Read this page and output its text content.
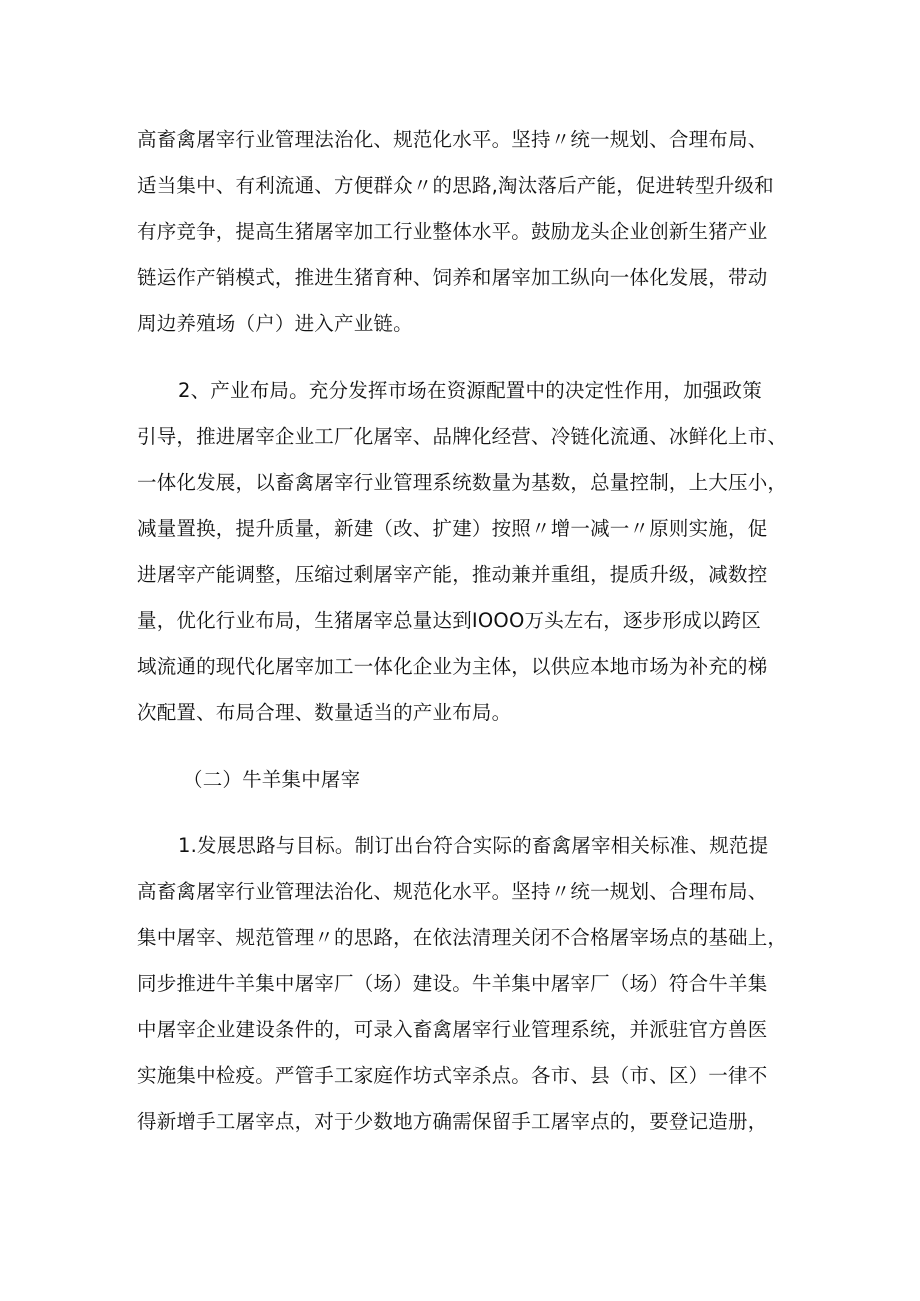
高畜禽屠宰行业管理法治化、规范化水平。坚持〃统一规划、合理布局、
适当集中、有利流通、方便群众〃的思路,淘汰落后产能，促进转型升级和
有序竞争，提高生猪屠宰加工行业整体水平。鼓励龙头企业创新生猪产业
链运作产销模式，推进生猪育种、饲养和屠宰加工纵向一体化发展，带动
周边养殖场（户）进入产业链。
2、产业布局。充分发挥市场在资源配置中的决定性作用，加强政策
引导，推进屠宰企业工厂化屠宰、品牌化经营、冷链化流通、冰鲜化上市、
一体化发展，以畜禽屠宰行业管理系统数量为基数，总量控制，上大压小，
减量置换，提升质量，新建（改、扩建）按照〃增一减一〃原则实施，促
进屠宰产能调整，压缩过剩屠宰产能，推动兼并重组，提质升级，减数控
量，优化行业布局，生猪屠宰总量达到IOOO万头左右，逐步形成以跨区
域流通的现代化屠宰加工一体化企业为主体，以供应本地市场为补充的梯
次配置、布局合理、数量适当的产业布局。
（二）牛羊集中屠宰
1.发展思路与目标。制订出台符合实际的畜禽屠宰相关标准、规范提
高畜禽屠宰行业管理法治化、规范化水平。坚持〃统一规划、合理布局、
集中屠宰、规范管理〃的思路，在依法清理关闭不合格屠宰场点的基础上，
同步推进牛羊集中屠宰厂（场）建设。牛羊集中屠宰厂（场）符合牛羊集
中屠宰企业建设条件的，可录入畜禽屠宰行业管理系统，并派驻官方兽医
实施集中检疫。严管手工家庭作坊式宰杀点。各市、县（市、区）一律不
得新增手工屠宰点，对于少数地方确需保留手工屠宰点的，要登记造册，
